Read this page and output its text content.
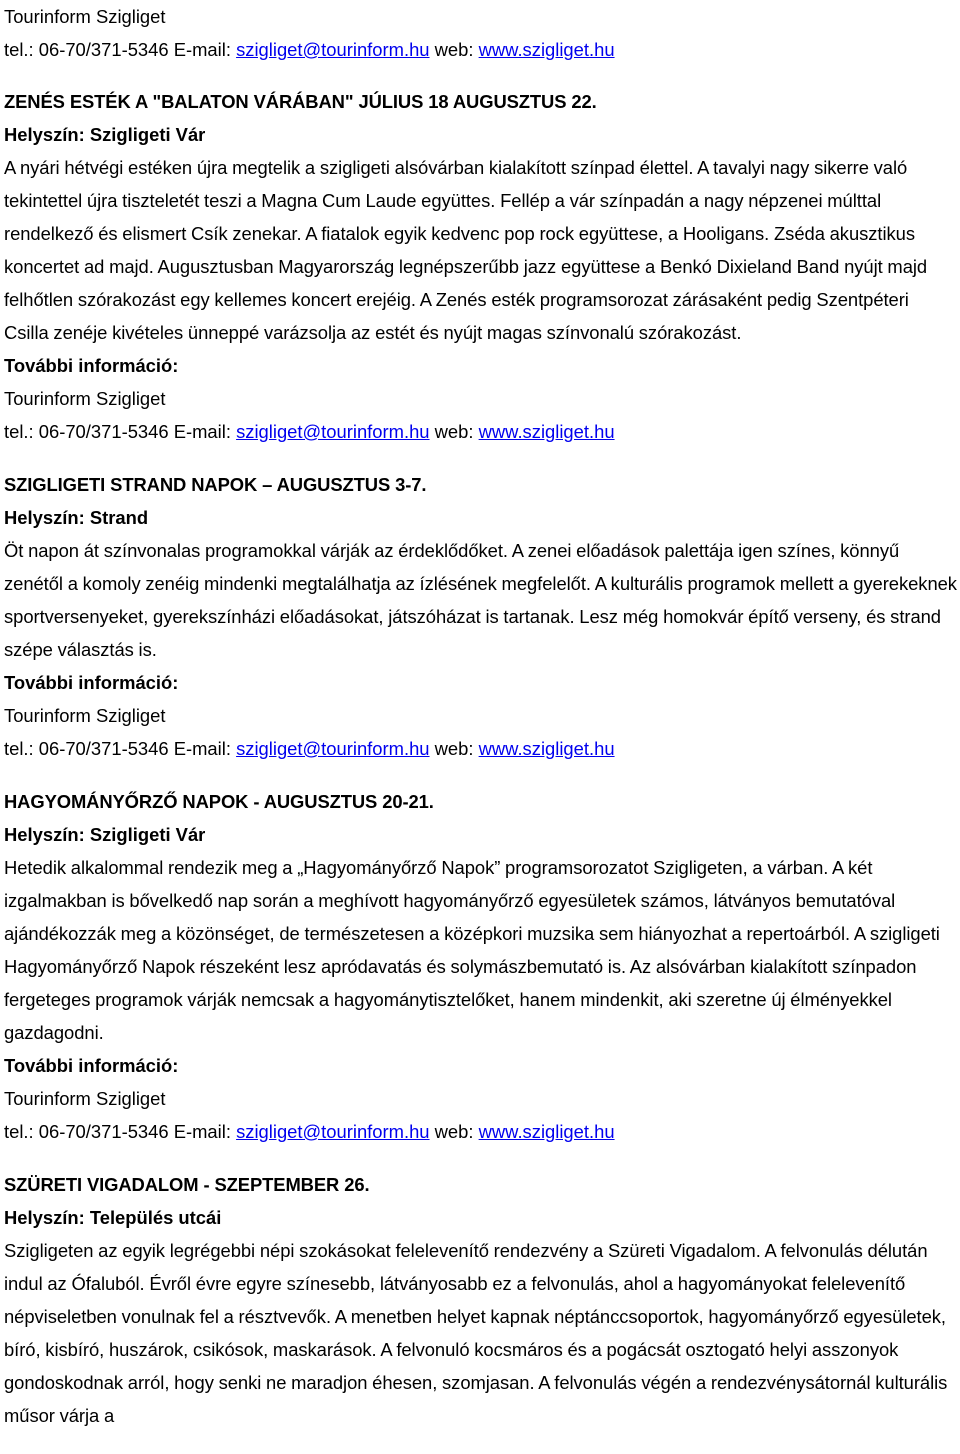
Tourinform Szigliget
tel.: 06-70/371-5346 E-mail: szigliget@tourinform.hu web: www.szigliget.hu
ZENÉS ESTÉK A "BALATON VÁRÁBAN" JÚLIUS 18 AUGUSZTUS 22.
Helyszín: Szigligeti Vár
A nyári hétvégi estéken újra megtelik a szigligeti alsóvárban kialakított színpad élettel. A tavalyi nagy sikerre való tekintettel újra tiszteletét teszi a Magna Cum Laude együttes. Fellép a vár színpadán a nagy népzenei múlttal rendelkező és elismert Csík zenekar. A fiatalok egyik kedvenc pop rock együttese, a Hooligans. Zséda akusztikus koncertet ad majd. Augusztusban Magyarország legnépszerűbb jazz együttese a Benkó Dixieland Band nyújt majd felhőtlen szórakozást egy kellemes koncert erejéig. A Zenés esték programsorozat zárásaként pedig Szentpéteri Csilla zenéje kivételes ünneppé varázsolja az estét és nyújt magas színvonalú szórakozást.
További információ:
Tourinform Szigliget
tel.: 06-70/371-5346 E-mail: szigliget@tourinform.hu web: www.szigliget.hu
SZIGLIGETI STRAND NAPOK – AUGUSZTUS 3-7.
Helyszín: Strand
Öt napon át színvonalas programokkal várják az érdeklődőket. A zenei előadások palettája igen színes, könnyű zenétől a komoly zenéig mindenki megtalálhatja az ízlésének megfelelőt. A kulturális programok mellett a gyerekeknek sportversenyeket, gyerekszínházi előadásokat, játszóházat is tartanak. Lesz még homokvár építő verseny, és strand szépe választás is.
További információ:
Tourinform Szigliget
tel.: 06-70/371-5346 E-mail: szigliget@tourinform.hu web: www.szigliget.hu
HAGYOMÁNYŐRZŐ NAPOK - AUGUSZTUS 20-21.
Helyszín: Szigligeti Vár
Hetedik alkalommal rendezik meg a „Hagyományőrző Napok” programsorozatot Szigligeten, a várban. A két izgalmakban is bővelkedő nap során a meghívott hagyományőrző egyesületek számos, látványos bemutatóval ajándékozzák meg a közönséget, de természetesen a középkori muzsika sem hiányozhat a repertoárból. A szigligeti Hagyományőrző Napok részeként lesz apródavatás és solymászbemutató is. Az alsóvárban kialakított színpadon fergeteges programok várják nemcsak a hagyománytisztelőket, hanem mindenkit, aki szeretne új élményekkel gazdagodni.
További információ:
Tourinform Szigliget
tel.: 06-70/371-5346 E-mail: szigliget@tourinform.hu web: www.szigliget.hu
SZÜRETI VIGADALOM - SZEPTEMBER 26.
Helyszín: Település utcái
Szigligeten az egyik legrégebbi népi szokásokat felelevenítő rendezvény a Szüreti Vigadalom. A felvonulás délután indul az Ófaluból. Évről évre egyre színesebb, látványosabb ez a felvonulás, ahol a hagyományokat felelevenítő népviseletben vonulnak fel a résztvevők. A menetben helyet kapnak néptánccsoportok, hagyományőrző egyesületek, bíró, kisbíró, huszárok, csikósok, maskarások. A felvonuló kocsmáros és a pogácsát osztogató helyi asszonyok gondoskodnak arról, hogy senki ne maradjon éhesen, szomjasan. A felvonulás végén a rendezvénysátornál kulturális műsor várja a
